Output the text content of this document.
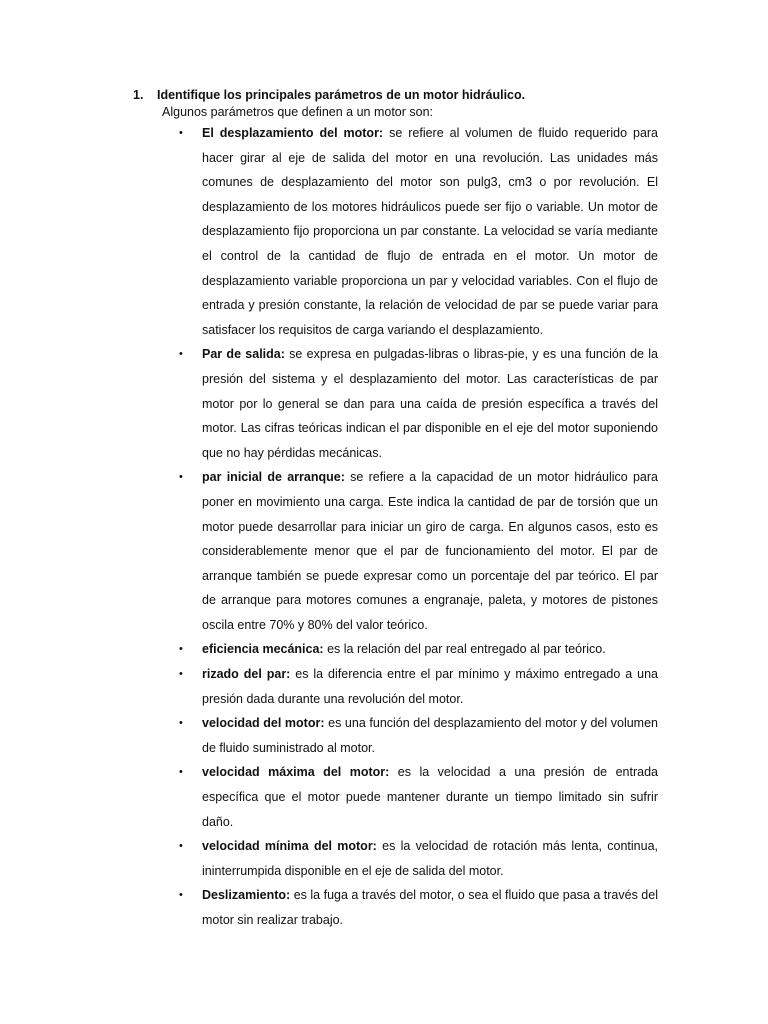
1. Identifique los principales parámetros de un motor hidráulico.
Algunos parámetros que definen a un motor son:
• El desplazamiento del motor: se refiere al volumen de fluido requerido para hacer girar al eje de salida del motor en una revolución. Las unidades más comunes de desplazamiento del motor son pulg3, cm3 o por revolución. El desplazamiento de los motores hidráulicos puede ser fijo o variable. Un motor de desplazamiento fijo proporciona un par constante. La velocidad se varía mediante el control de la cantidad de flujo de entrada en el motor. Un motor de desplazamiento variable proporciona un par y velocidad variables. Con el flujo de entrada y presión constante, la relación de velocidad de par se puede variar para satisfacer los requisitos de carga variando el desplazamiento.
• Par de salida: se expresa en pulgadas-libras o libras-pie, y es una función de la presión del sistema y el desplazamiento del motor. Las características de par motor por lo general se dan para una caída de presión específica a través del motor. Las cifras teóricas indican el par disponible en el eje del motor suponiendo que no hay pérdidas mecánicas.
• par inicial de arranque: se refiere a la capacidad de un motor hidráulico para poner en movimiento una carga. Este indica la cantidad de par de torsión que un motor puede desarrollar para iniciar un giro de carga. En algunos casos, esto es considerablemente menor que el par de funcionamiento del motor. El par de arranque también se puede expresar como un porcentaje del par teórico. El par de arranque para motores comunes a engranaje, paleta, y motores de pistones oscila entre 70% y 80% del valor teórico.
• eficiencia mecánica: es la relación del par real entregado al par teórico.
• rizado del par: es la diferencia entre el par mínimo y máximo entregado a una presión dada durante una revolución del motor.
• velocidad del motor: es una función del desplazamiento del motor y del volumen de fluido suministrado al motor.
• velocidad máxima del motor: es la velocidad a una presión de entrada específica que el motor puede mantener durante un tiempo limitado sin sufrir daño.
• velocidad mínima del motor: es la velocidad de rotación más lenta, continua, ininterrumpida disponible en el eje de salida del motor.
• Deslizamiento: es la fuga a través del motor, o sea el fluido que pasa a través del motor sin realizar trabajo.
